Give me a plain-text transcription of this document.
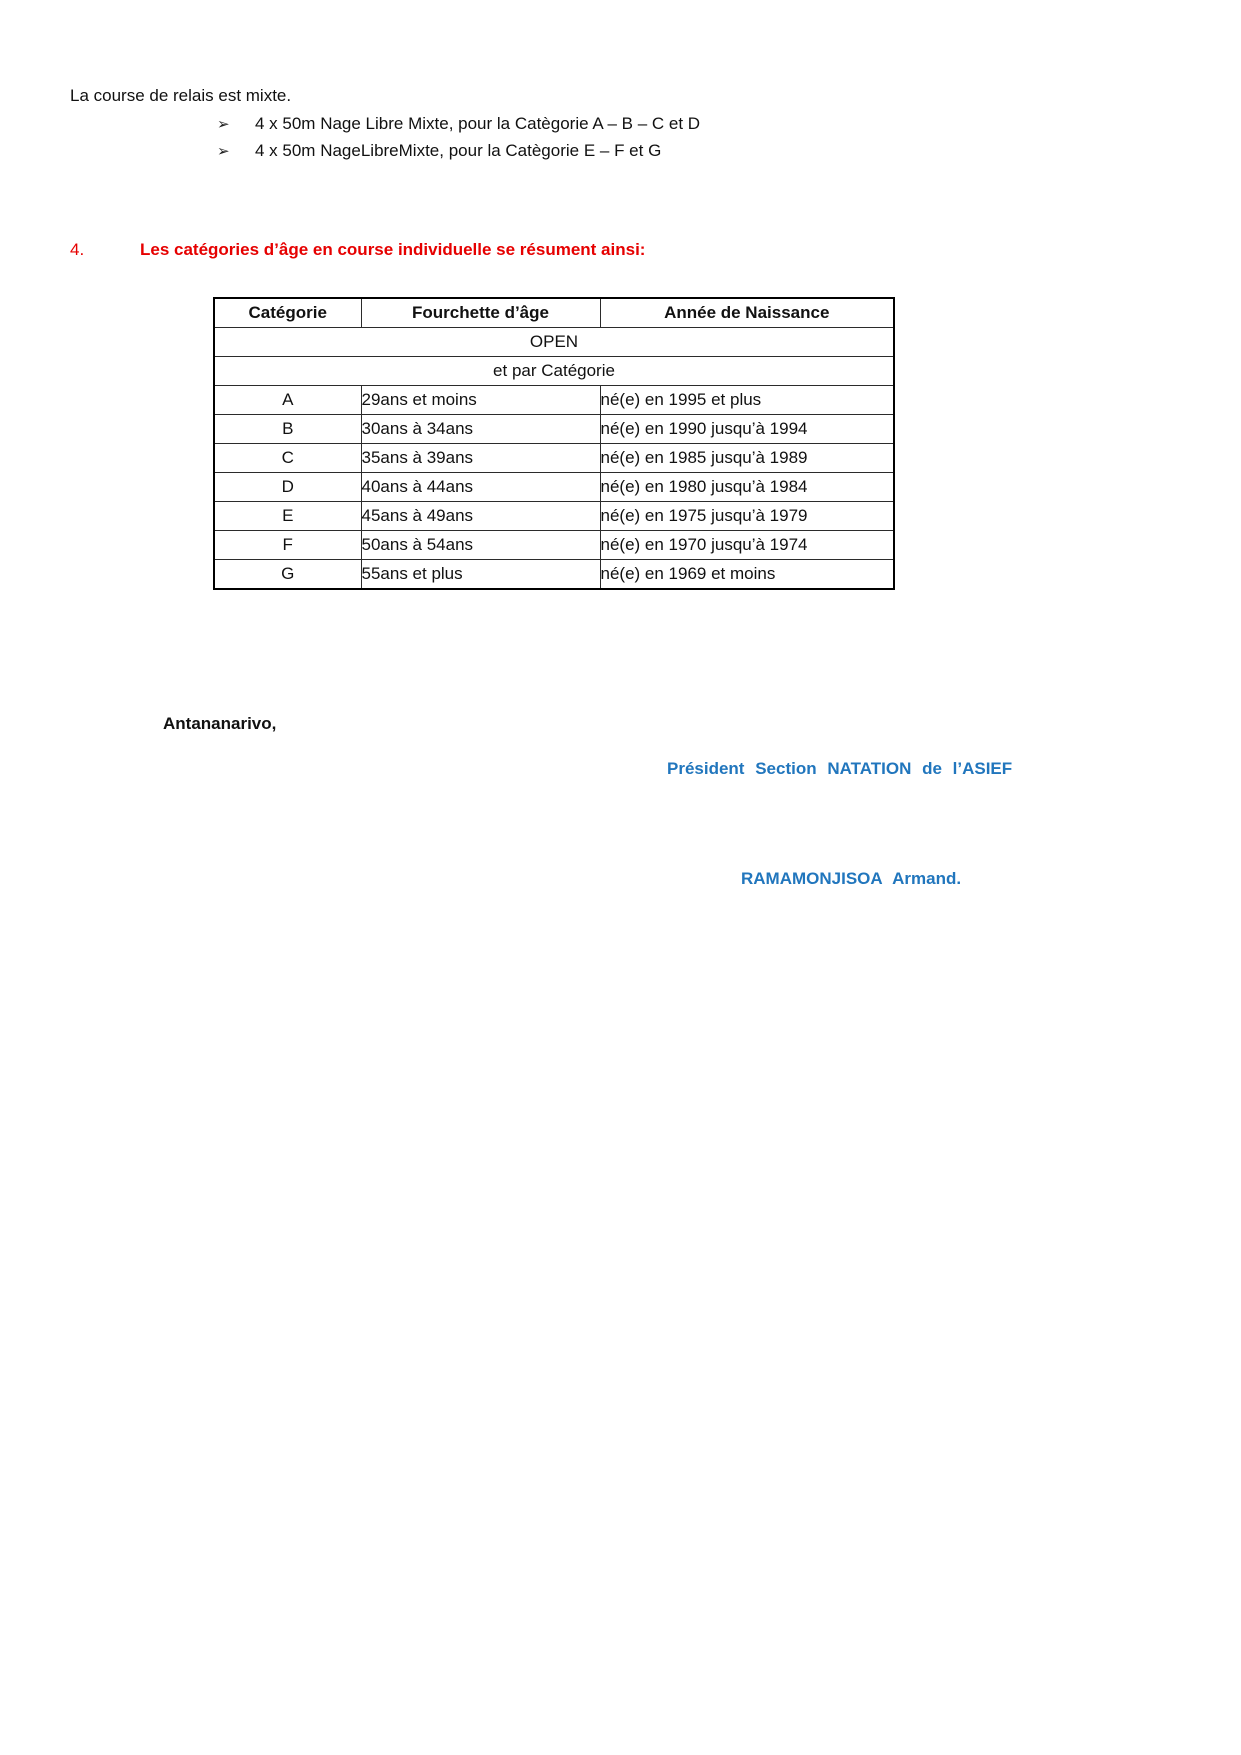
La course de relais est mixte.

➢	4 x 50m Nage Libre Mixte, pour la Catègorie A – B – C et D
➢	4 x 50m NageLibreMixte, pour la Catègorie E – F et G
4.	Les catégories d’âge en course individuelle se résument ainsi:
Catégorie	Fourchette d’âge	Année de Naissance
OPEN		
et par Catégorie		
A	29ans et moins	né(e) en 1995 et plus
B	30ans à 34ans	né(e) en 1990 jusqu’à 1994
C	35ans à 39ans	né(e) en 1985 jusqu’à 1989
D	40ans à 44ans	né(e) en 1980 jusqu’à 1984
E	45ans à 49ans	né(e) en 1975 jusqu’à 1979
F	50ans à 54ans	né(e) en 1970 jusqu’à 1974
G	55ans et plus	né(e) en 1969 et moins
Antananarivo,
Président Section NATATION de l’ASIEF
RAMAMONJISOA Armand.
